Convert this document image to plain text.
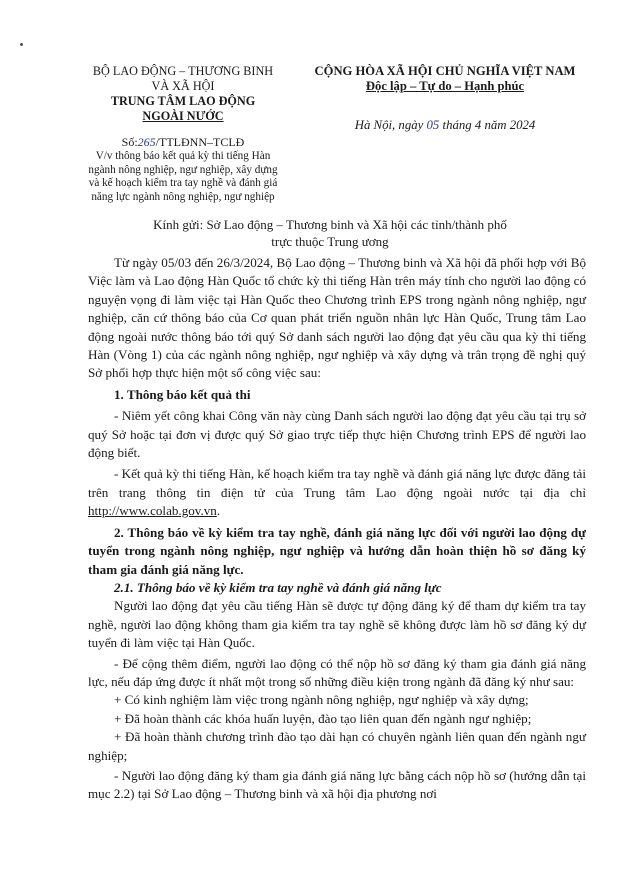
BỘ LAO ĐỘNG – THƯƠNG BINH
VÀ XÃ HỘI
TRUNG TÂM LAO ĐỘNG
NGOÀI NƯỚC
CỘNG HÒA XÃ HỘI CHỦ NGHĨA VIỆT NAM
Độc lập – Tự do – Hạnh phúc
Hà Nội, ngày 05 tháng 4 năm 2024
Số:265/TTLĐNN–TCLĐ
V/v thông báo kết quả kỳ thi tiếng Hàn
ngành nông nghiệp, ngư nghiệp, xây dựng
và kế hoạch kiểm tra tay nghề và đánh giá
năng lực ngành nông nghiệp, ngư nghiệp
Kính gửi: Sở Lao động – Thương binh và Xã hội các tỉnh/thành phố
trực thuộc Trung ương

Từ ngày 05/03 đến 26/3/2024, Bộ Lao động – Thương binh và Xã hội đã phối hợp với Bộ Việc làm và Lao động Hàn Quốc tổ chức kỳ thi tiếng Hàn trên máy tính cho người lao động có nguyện vọng đi làm việc tại Hàn Quốc theo Chương trình EPS trong ngành nông nghiệp, ngư nghiệp, căn cứ thông báo của Cơ quan phát triển nguồn nhân lực Hàn Quốc, Trung tâm Lao động ngoài nước thông báo tới quý Sở danh sách người lao động đạt yêu cầu qua kỳ thi tiếng Hàn (Vòng 1) của các ngành nông nghiệp, ngư nghiệp và xây dựng và trân trọng đề nghị quý Sở phối hợp thực hiện một số công việc sau:

1. Thông báo kết quả thi

- Niêm yết công khai Công văn này cùng Danh sách người lao động đạt yêu cầu tại trụ sở quý Sở hoặc tại đơn vị được quý Sở giao trực tiếp thực hiện Chương trình EPS để người lao động biết.

- Kết quả kỳ thi tiếng Hàn, kế hoạch kiểm tra tay nghề và đánh giá năng lực được đăng tải trên trang thông tin điện tử của Trung tâm Lao động ngoài nước tại địa chỉ http://www.colab.gov.vn.

2. Thông báo về kỳ kiểm tra tay nghề, đánh giá năng lực đối với người lao động dự tuyển trong ngành nông nghiệp, ngư nghiệp và hướng dẫn hoàn thiện hồ sơ đăng ký tham gia đánh giá năng lực.

2.1. Thông báo về kỳ kiểm tra tay nghề và đánh giá năng lực

Người lao động đạt yêu cầu tiếng Hàn sẽ được tự động đăng ký để tham dự kiểm tra tay nghề, người lao động không tham gia kiểm tra tay nghề sẽ không được làm hồ sơ đăng ký dự tuyển đi làm việc tại Hàn Quốc.

- Để cộng thêm điểm, người lao động có thể nộp hồ sơ đăng ký tham gia đánh giá năng lực, nếu đáp ứng được ít nhất một trong số những điều kiện trong ngành đã đăng ký như sau:

+ Có kinh nghiệm làm việc trong ngành nông nghiệp, ngư nghiệp và xây dựng;

+ Đã hoàn thành các khóa huấn luyện, đào tạo liên quan đến ngành ngư nghiệp;

+ Đã hoàn thành chương trình đào tạo dài hạn có chuyên ngành liên quan đến ngành ngư nghiệp;

- Người lao động đăng ký tham gia đánh giá năng lực bằng cách nộp hồ sơ (hướng dẫn tại mục 2.2) tại Sở Lao động – Thương binh và xã hội địa phương nơi
